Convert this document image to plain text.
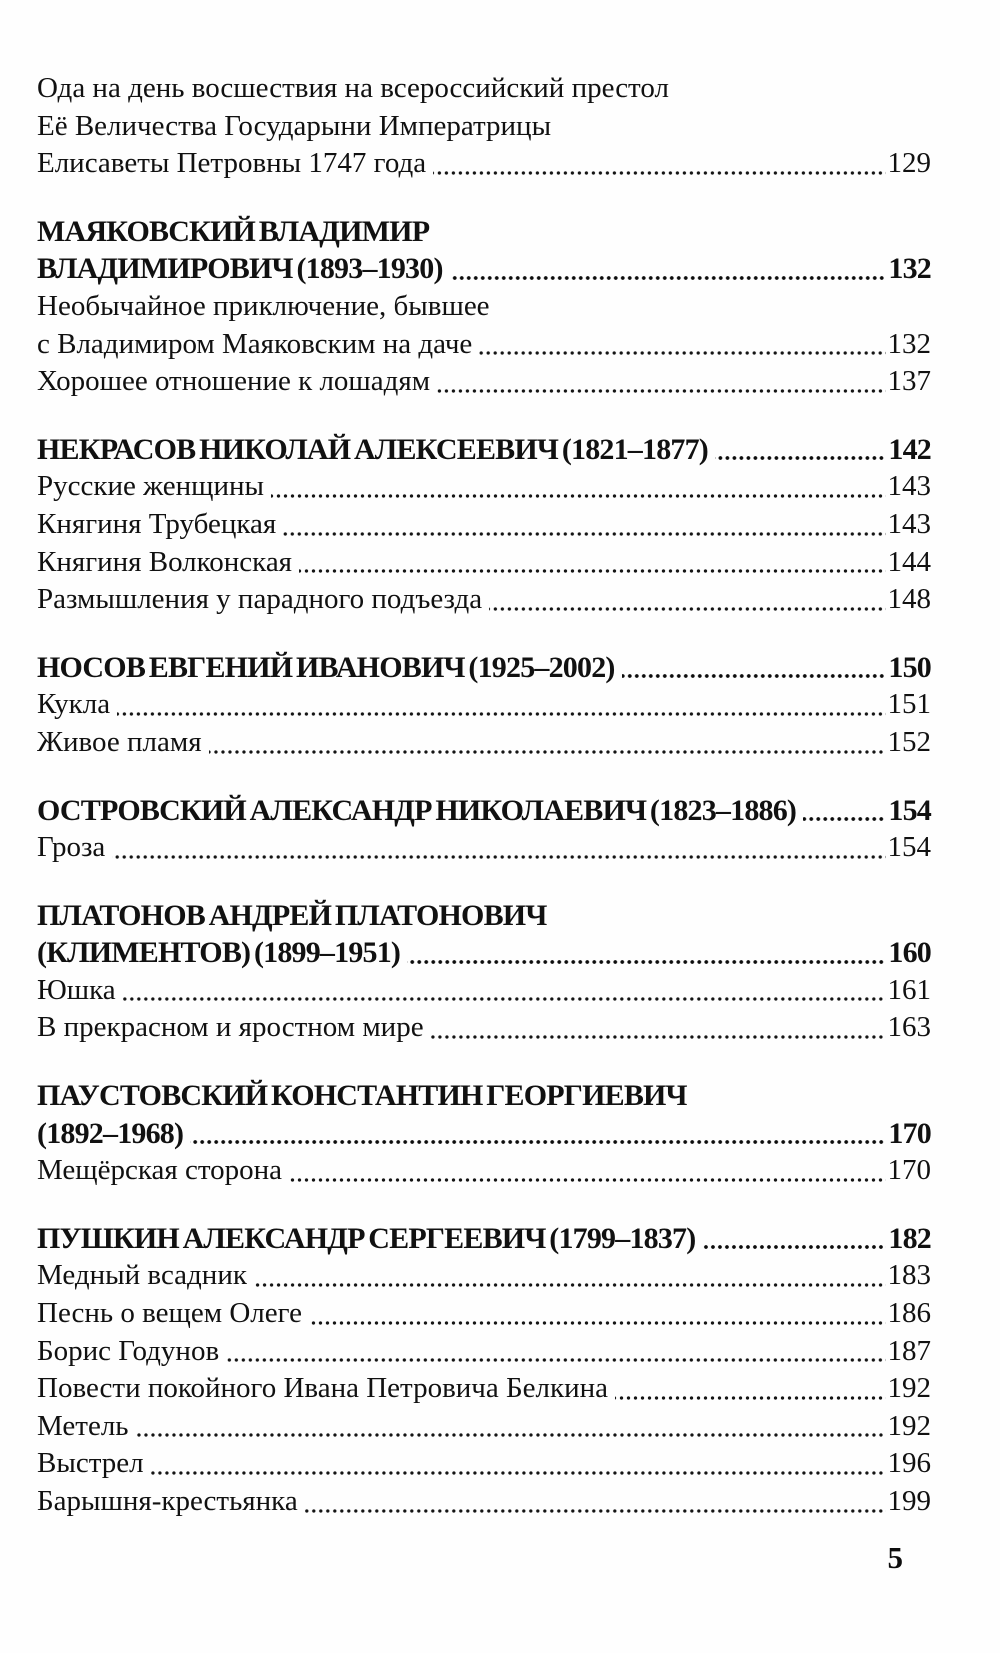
Ода на день восшествия на всероссийский престол
Её Величества Государыни Императрицы
Елисаветы Петровны 1747 года	129
МАЯКОВСКИЙ ВЛАДИМИР
ВЛАДИМИРОВИЧ (1893–1930)	132
Необычайное приключение, бывшее
с Владимиром Маяковским на даче	132
Хорошее отношение к лошадям	137
НЕКРАСОВ НИКОЛАЙ АЛЕКСЕЕВИЧ (1821–1877)	142
Русские женщины	143
Княгиня Трубецкая	143
Княгиня Волконская	144
Размышления у парадного подъезда	148
НОСОВ ЕВГЕНИЙ ИВАНОВИЧ (1925–2002)	150
Кукла	151
Живое пламя	152
ОСТРОВСКИЙ АЛЕКСАНДР НИКОЛАЕВИЧ (1823–1886)	154
Гроза	154
ПЛАТОНОВ АНДРЕЙ ПЛАТОНОВИЧ
(КЛИМЕНТОВ) (1899–1951)	160
Юшка	161
В прекрасном и яростном мире	163
ПАУСТОВСКИЙ КОНСТАНТИН ГЕОРГИЕВИЧ
(1892–1968)	170
Мещёрская сторона	170
ПУШКИН АЛЕКСАНДР СЕРГЕЕВИЧ (1799–1837)	182
Медный всадник	183
Песнь о вещем Олеге	186
Борис Годунов	187
Повести покойного Ивана Петровича Белкина	192
Метель	192
Выстрел	196
Барышня-крестьянка	199
5
